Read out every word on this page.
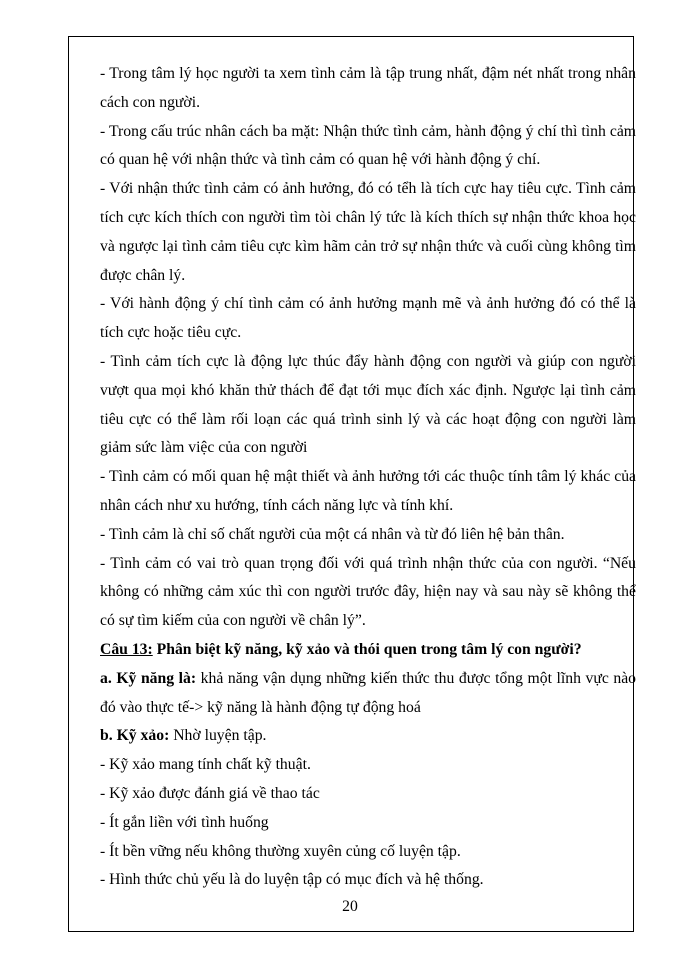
- Trong tâm lý học người ta xem tình cảm là tập trung nhất, đậm nét nhất trong nhân cách con người.

- Trong cấu trúc nhân cách ba mặt: Nhận thức tình cảm, hành động ý chí thì tình cảm có quan hệ với nhận thức và tình cảm có quan hệ với hành động ý chí.

- Với nhận thức tình cảm có ảnh hưởng, đó có tểh là tích cực hay tiêu cực. Tình cảm tích cực kích thích con người tìm tòi chân lý tức là kích thích sự nhận thức khoa học và ngược lại tình cảm tiêu cực kìm hãm cản trở sự nhận thức và cuối cùng không tìm được chân lý.

- Với hành động ý chí tình cảm có ảnh hưởng mạnh mẽ và ảnh hưởng đó có thể là tích cực hoặc tiêu cực.

- Tình cảm tích cực là động lực thúc đẩy hành động con người và giúp con người vượt qua mọi khó khăn thử thách để đạt tới mục đích xác định. Ngược lại tình cảm tiêu cực có thể làm rối loạn các quá trình sinh lý và các hoạt động con người làm giảm sức làm việc của con người

- Tình cảm có mối quan hệ mật thiết và ảnh hưởng tới các thuộc tính tâm lý khác của nhân cách như xu hướng, tính cách năng lực và tính khí.

- Tình cảm là chỉ số chất người của một cá nhân và từ đó liên hệ bản thân.

- Tình cảm có vai trò quan trọng đối với quá trình nhận thức của con người. “Nếu không có những cảm xúc thì con người trước đây, hiện nay và sau này sẽ không thể có sự tìm kiếm của con người về chân lý”.

Câu 13: Phân biệt kỹ năng, kỹ xảo và thói quen trong tâm lý con người?

a. Kỹ năng là: khả năng vận dụng những kiến thức thu được tổng một lĩnh vực nào đó vào thực tế-> kỹ năng là hành động tự động hoá

b. Kỹ xảo: Nhờ luyện tập.

- Kỹ xảo mang tính chất kỹ thuật.

- Kỹ xảo được đánh giá về thao tác

- Ít gắn liền với tình huống

- Ít bền vững nếu không thường xuyên củng cố luyện tập.

- Hình thức chủ yếu là do luyện tập có mục đích và hệ thống.

20
